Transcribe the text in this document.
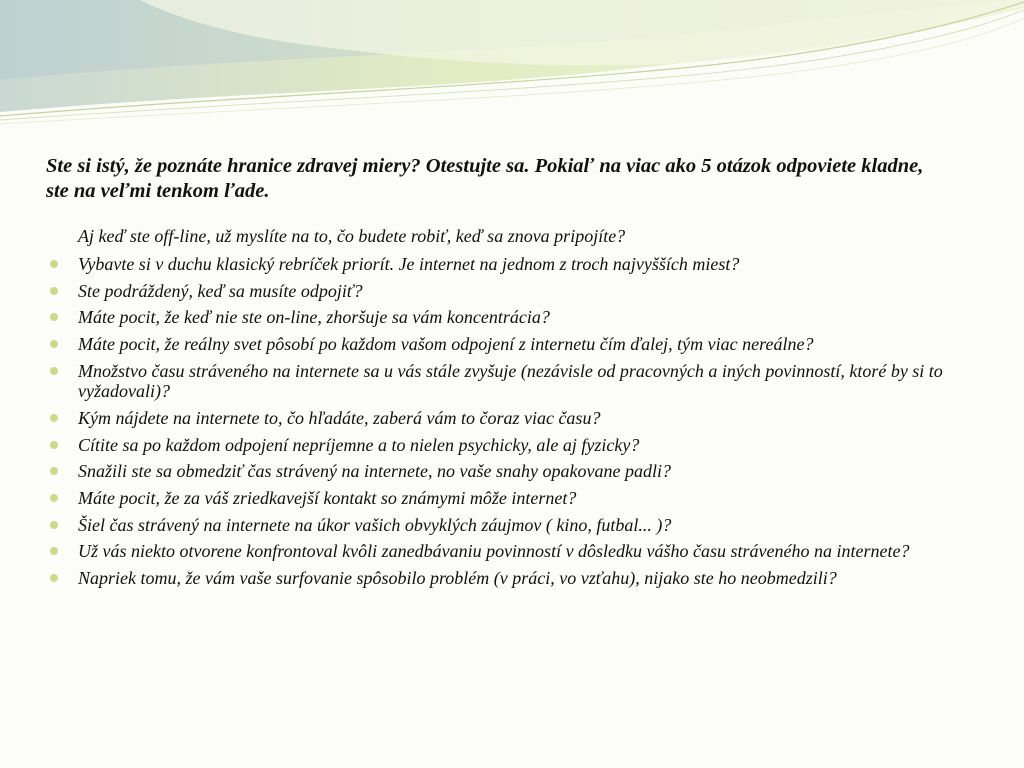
Ste si istý, že poznáte hranice zdravej miery? Otestujte sa. Pokiaľ na viac ako 5 otázok odpoviete kladne, ste na veľmi tenkom ľade.

Aj keď ste off-line, už myslíte na to, čo budete robiť, keď sa znova pripojíte?

Vybavte si v duchu klasický rebríček priorít. Je internet na jednom z troch najvyšších miest?
Ste podráždený, keď sa musíte odpojiť?
Máte pocit, že keď nie ste on-line, zhoršuje sa vám koncentrácia?
Máte pocit, že reálny svet pôsobí po každom vašom odpojení z internetu čím ďalej, tým viac nereálne?
Množstvo času stráveného na internete sa u vás stále zvyšuje (nezávisle od pracovných a iných povinností, ktoré by si to vyžadovali)?
Kým nájdete na internete to, čo hľadáte, zaberá vám to čoraz viac času?
Cítite sa po každom odpojení nepríjemne a to nielen psychicky, ale aj fyzicky?
Snažili ste sa obmedziť čas strávený na internete, no vaše snahy opakovane padli?
Máte pocit, že za váš zriedkavejší kontakt so známymi môže internet?
Šiel čas strávený na internete na úkor vašich obvyklých záujmov ( kino, futbal... )?
Už vás niekto otvorene konfrontoval kvôli zanedbávaniu povinností v dôsledku vášho času stráveného na internete?
Napriek tomu, že vám vaše surfovanie spôsobilo problém (v práci, vo vzťahu), nijako ste ho neobmedzili?
